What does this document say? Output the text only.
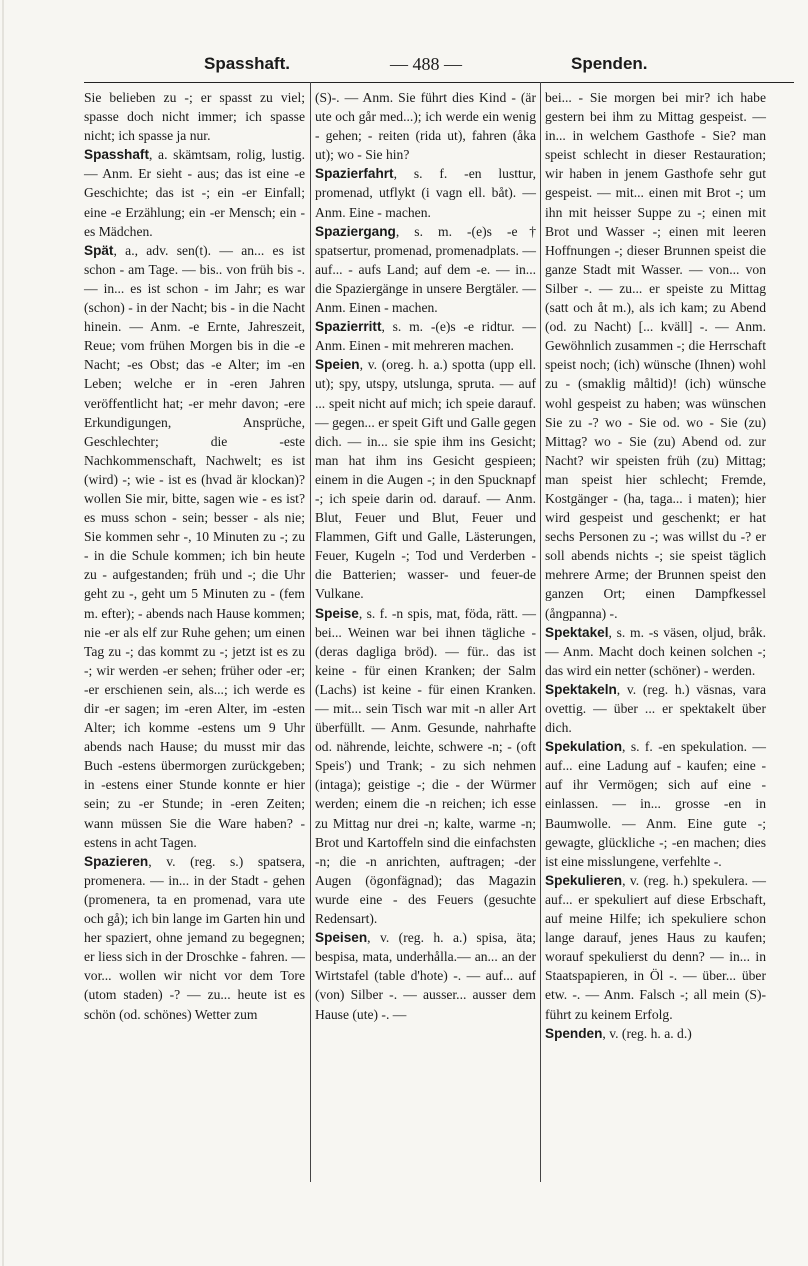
Spasshaft.	— 488 —	Spenden.

Sie belieben zu -; er spasst zu viel; spasse doch nicht immer; ich spasse nicht; ich spasse ja nur.

Spasshaft, a. skämtsam, rolig, lustig. — Anm. Er sieht - aus; das ist eine -e Geschichte; das ist -; ein -er Einfall; eine -e Erzählung; ein -er Mensch; ein -es Mädchen.

Spät, a., adv. sen(t). — an... es ist schon - am Tage. — bis.. von früh bis -. — in... es ist schon - im Jahr; es war (schon) - in der Nacht; bis - in die Nacht hinein. — Anm. -e Ernte, Jahreszeit, Reue; vom frühen Morgen bis in die -e Nacht; -es Obst; das -e Alter; im -en Leben; welche er in -eren Jahren veröffentlicht hat; -er mehr davon; -ere Erkundigungen, Ansprüche, Geschlechter; die -este Nachkommenschaft, Nachwelt; es ist (wird) -; wie - ist es (hvad är klockan)? wollen Sie mir, bitte, sagen wie - es ist? es muss schon - sein; besser - als nie; Sie kommen sehr -, 10 Minuten zu -; zu - in die Schule kommen; ich bin heute zu - aufgestanden; früh und -; die Uhr geht zu -, geht um 5 Minuten zu - (fem m. efter); - abends nach Hause kommen; nie -er als elf zur Ruhe gehen; um einen Tag zu -; das kommt zu -; jetzt ist es zu -; wir werden -er sehen; früher oder -er; -er erschienen sein, als...; ich werde es dir -er sagen; im -eren Alter, im -esten Alter; ich komme -estens um 9 Uhr abends nach Hause; du musst mir das Buch -estens übermorgen zurückgeben; in -estens einer Stunde konnte er hier sein; zu -er Stunde; in -eren Zeiten; wann müssen Sie die Ware haben? -estens in acht Tagen.

Spazieren, v. (reg. s.) spatsera, promenera. — in... in der Stadt - gehen (promenera, ta en promenad, vara ute och gå); ich bin lange im Garten hin und her spaziert, ohne jemand zu begegnen; er liess sich in der Droschke - fahren. — vor... wollen wir nicht vor dem Tore (utom staden) -? — zu... heute ist es schön (od. schönes) Wetter zum

(S)-. — Anm. Sie führt dies Kind - (är ute och går med...); ich werde ein wenig - gehen; - reiten (rida ut), fahren (åka ut); wo - Sie hin?

Spazierfahrt, s. f. -en lusttur, promenad, utflykt (i vagn ell. båt). — Anm. Eine - machen.

Spaziergang, s. m. -(e)s -e† spatsertur, promenad, promenadplats. — auf... - aufs Land; auf dem -e. — in... die Spaziergänge in unsere Bergtäler. — Anm. Einen - machen.

Spazierritt, s. m. -(e)s -e ridtur. — Anm. Einen - mit mehreren machen.

Speien, v. (oreg. h. a.) spotta (upp ell. ut); spy, utspy, utslunga, spruta. — auf ... speit nicht auf mich; ich speie darauf. — gegen... er speit Gift und Galle gegen dich. — in... sie spie ihm ins Gesicht; man hat ihm ins Gesicht gespieen; einem in die Augen -; in den Spucknapf -; ich speie darin od. darauf. — Anm. Blut, Feuer und Blut, Feuer und Flammen, Gift und Galle, Lästerungen, Feuer, Kugeln -; Tod und Verderben - die Batterien; wasser- und feuer-de Vulkane.

Speise, s. f. -n spis, mat, föda, rätt. — bei... Weinen war bei ihnen tägliche - (deras dagliga bröd). — für.. das ist keine - für einen Kranken; der Salm (Lachs) ist keine - für einen Kranken. — mit... sein Tisch war mit -n aller Art überfüllt. — Anm. Gesunde, nahrhafte od. nährende, leichte, schwere -n; - (oft Speis') und Trank; - zu sich nehmen (intaga); geistige -; die - der Würmer werden; einem die -n reichen; ich esse zu Mittag nur drei -n; kalte, warme -n; Brot und Kartoffeln sind die einfachsten -n; die -n anrichten, auftragen; -der Augen (ögonfägnad); das Magazin wurde eine - des Feuers (gesuchte Redensart).

Speisen, v. (reg. h. a.) spisa, äta; bespisa, mata, underhålla.— an... an der Wirtstafel (table d'hote) -. — auf... auf (von) Silber -. — ausser... ausser dem Hause (ute) -. —

bei... - Sie morgen bei mir? ich habe gestern bei ihm zu Mittag gespeist. — in... in welchem Gasthofe - Sie? man speist schlecht in dieser Restauration; wir haben in jenem Gasthofe sehr gut gespeist. — mit... einen mit Brot -; um ihn mit heisser Suppe zu -; einen mit Brot und Wasser -; einen mit leeren Hoffnungen -; dieser Brunnen speist die ganze Stadt mit Wasser. — von... von Silber -. — zu... er speiste zu Mittag (satt och åt m.), als ich kam; zu Abend (od. zu Nacht) [... kväll] -. — Anm. Gewöhnlich zusammen -; die Herrschaft speist noch; (ich) wünsche (Ihnen) wohl zu - (smaklig måltid)! (ich) wünsche wohl gespeist zu haben; was wünschen Sie zu -? wo - Sie od. wo - Sie (zu) Mittag? wo - Sie (zu) Abend od. zur Nacht? wir speisten früh (zu) Mittag; man speist hier schlecht; Fremde, Kostgänger - (ha, taga... i maten); hier wird gespeist und geschenkt; er hat sechs Personen zu -; was willst du -? er soll abends nichts -; sie speist täglich mehrere Arme; der Brunnen speist den ganzen Ort; einen Dampfkessel (ångpanna) -.

Spektakel, s. m. -s väsen, oljud, bråk. — Anm. Macht doch keinen solchen -; das wird ein netter (schöner) - werden.

Spektakeln, v. (reg. h.) väsnas, vara ovettig. — über ... er spektakelt über dich.

Spekulation, s. f. -en spekulation. — auf... eine Ladung auf - kaufen; eine - auf ihr Vermögen; sich auf eine - einlassen. — in... grosse -en in Baumwolle. — Anm. Eine gute -; gewagte, glückliche -; -en machen; dies ist eine misslungene, verfehlte -.

Spekulieren, v. (reg. h.) spekulera. — auf... er spekuliert auf diese Erbschaft, auf meine Hilfe; ich spekuliere schon lange darauf, jenes Haus zu kaufen; worauf spekulierst du denn? — in... in Staatspapieren, in Öl -. — über... über etw. -. — Anm. Falsch -; all mein (S)- führt zu keinem Erfolg.

Spenden, v. (reg. h. a. d.)
